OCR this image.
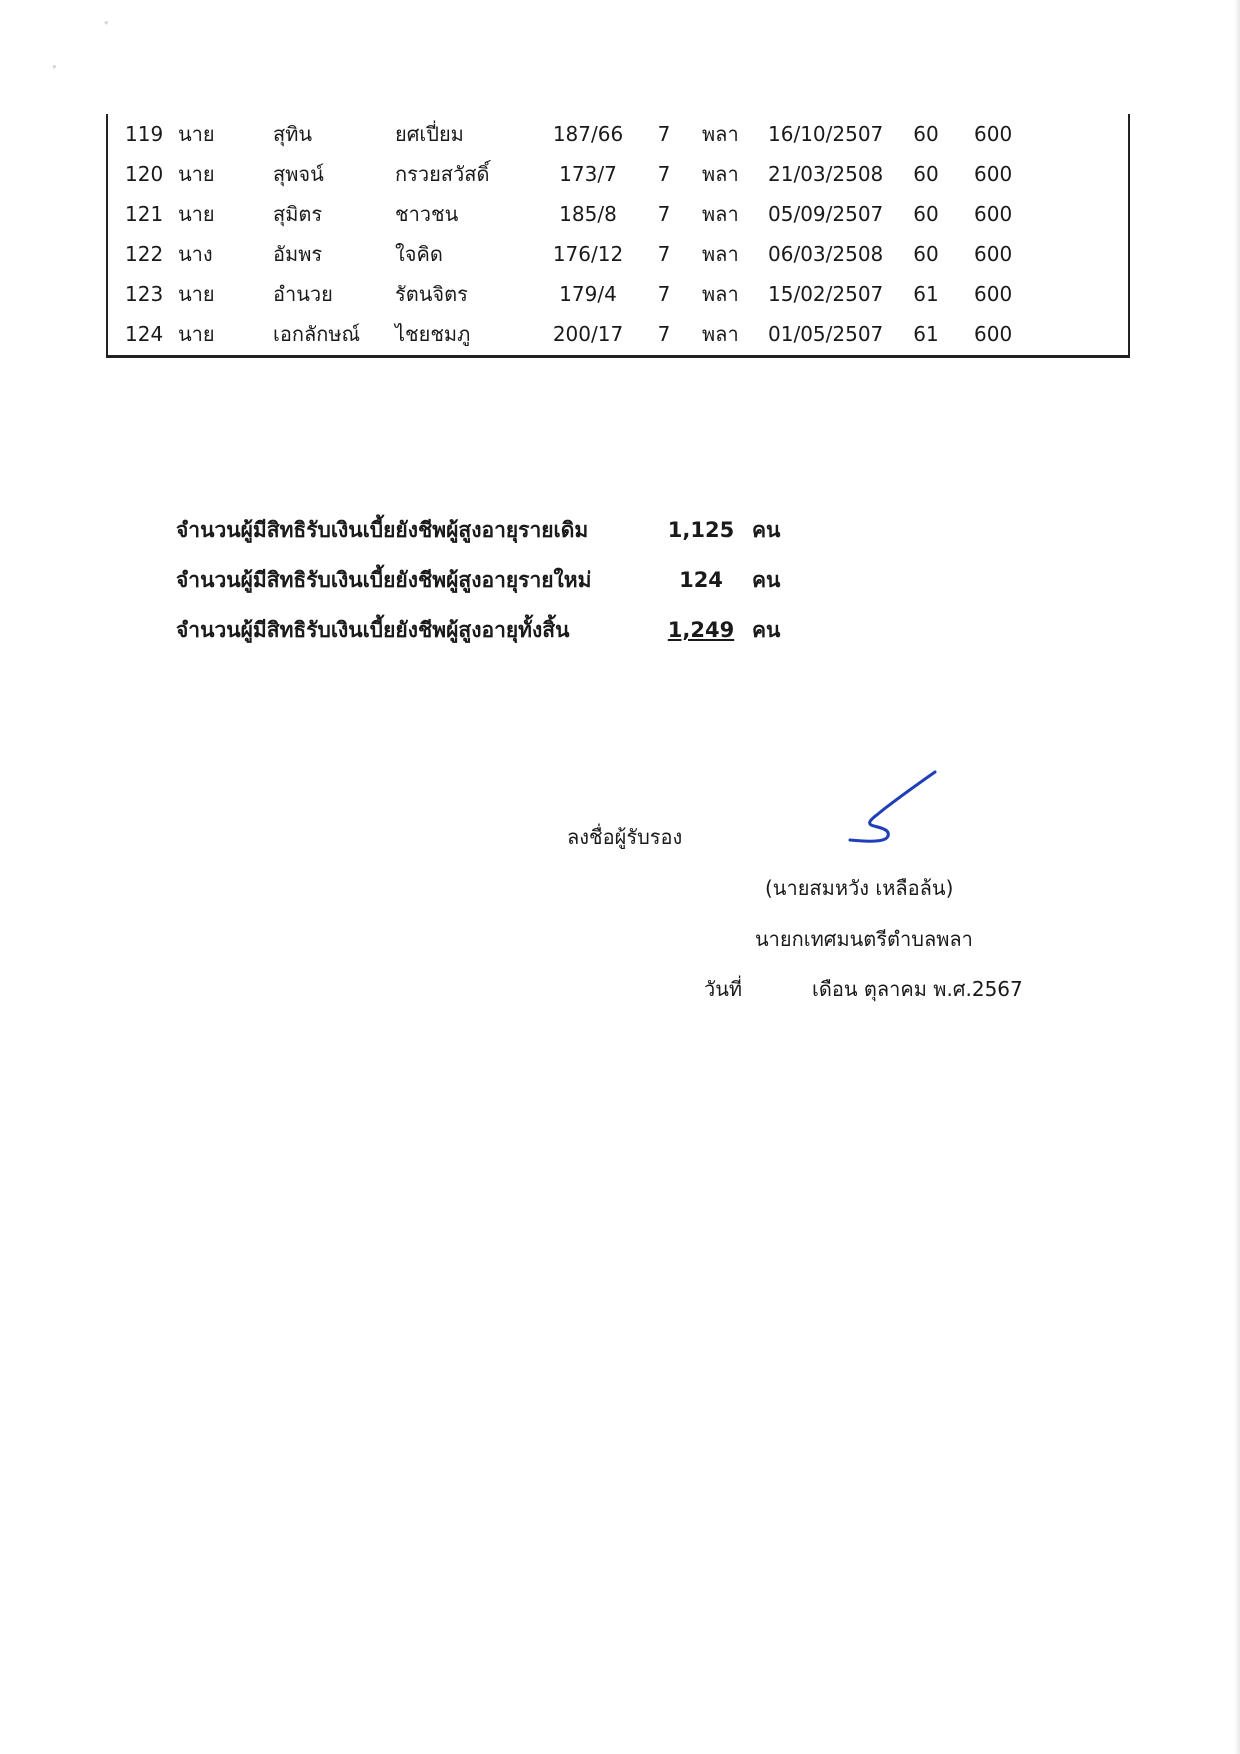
ﾞ
ﾞ
119 นาย	สุทิน	ยศเปี่ยม	187/66 7 พลา 16/10/2507 60 600
120 นาย	สุพจน์	กรวยสวัสดิ์	173/7	7 พลา 21/03/2508 60 600
121 นาย	สุมิตร	ชาวชน	185/8	7 พลา 05/09/2507 60 600
122 นาง	อัมพร	ใจคิด	176/12 7 พลา 06/03/2508 60 600
123 นาย	อำนวย	รัตนจิตร	179/4	7 พลา 15/02/2507 61 600
124 นาย	เอกลักษณ์ ไชยชมภู	200/17 7 พลา 01/05/2507 61 600
จำนวนผู้มีสิทธิรับเงินเบี้ยยังชีพผู้สูงอายุรายเดิม	1,125 คน
จำนวนผู้มีสิทธิรับเงินเบี้ยยังชีพผู้สูงอายุรายใหม่	124	คน
จำนวนผู้มีสิทธิรับเงินเบี้ยยังชีพผู้สูงอายุทั้งสิ้น	1,249 คน
ลงชื่อผู้รับรอง
(นายสมหวัง เหลือล้น)
นายกเทศมนตรีตำบลพลา
วันที่	เดือน ตุลาคม พ.ศ.2567
